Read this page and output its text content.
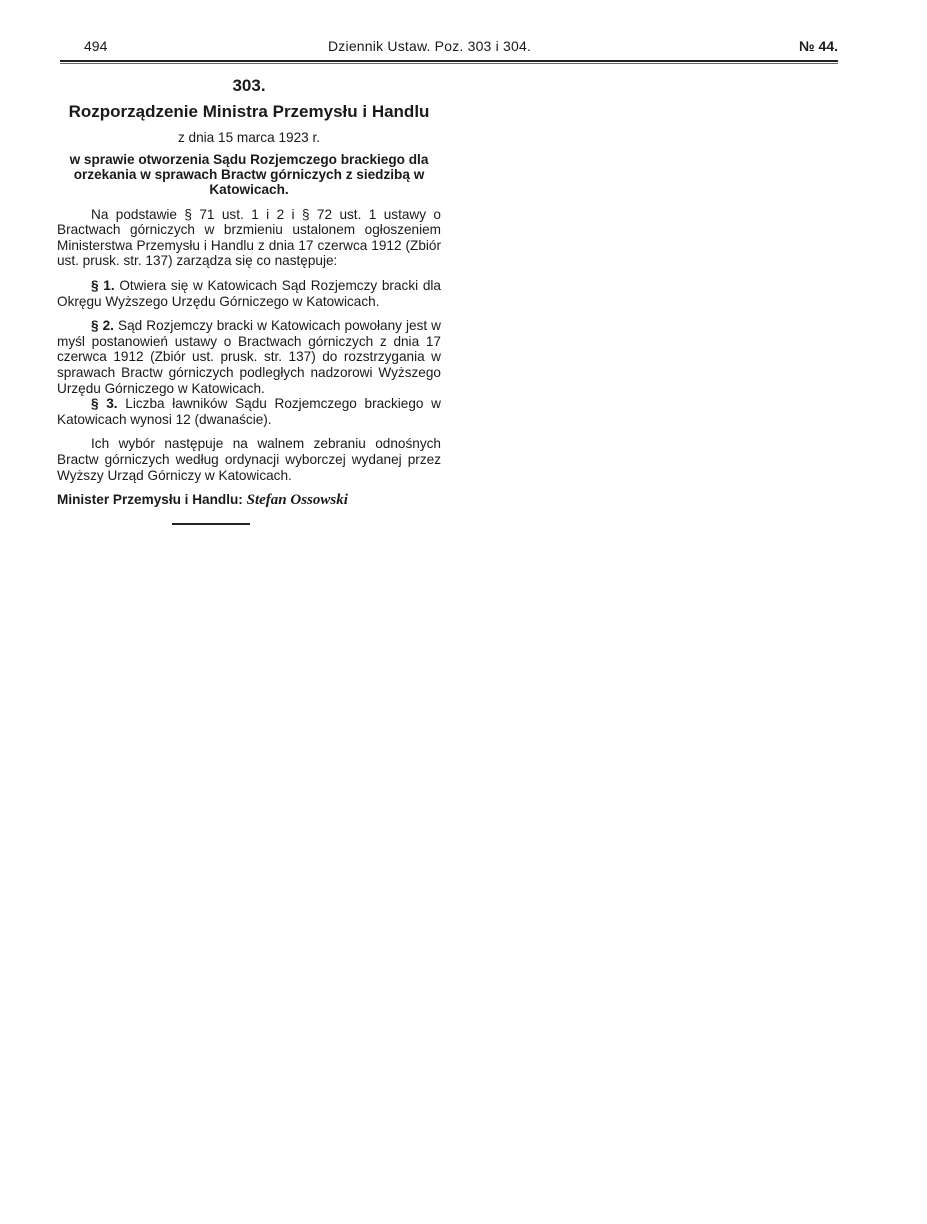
494	Dziennik Ustaw. Poz. 303 i 304.	№ 44.
303.
Rozporządzenie Ministra Przemysłu i Handlu
z dnia 15 marca 1923 r.
w sprawie otworzenia Sądu Rozjemczego brackiego dla orzekania w sprawach Bractw górniczych z siedzibą w Katowicach.

Na podstawie § 71 ust. 1 i 2 i § 72 ust. 1 ustawy o Bractwach górniczych w brzmieniu ustalonem ogłoszeniem Ministerstwa Przemysłu i Handlu z dnia 17 czerwca 1912 (Zbiór ust. prusk. str. 137) zarządza się co następuje:

§ 1. Otwiera się w Katowicach Sąd Rozjemczy bracki dla Okręgu Wyższego Urzędu Górniczego w Katowicach.

§ 2. Sąd Rozjemczy bracki w Katowicach powołany jest w myśl postanowień ustawy o Bractwach górniczych z dnia 17 czerwca 1912 (Zbiór ust. prusk. str. 137) do rozstrzygania w sprawach Bractw górniczych podległych nadzorowi Wyższego Urzędu Górniczego w Katowicach.

§ 3. Liczba ławników Sądu Rozjemczego brackiego w Katowicach wynosi 12 (dwanaście).

Ich wybór następuje na walnem zebraniu odnośnych Bractw górniczych według ordynacji wyborczej wydanej przez Wyższy Urząd Górniczy w Katowicach.

Minister Przemysłu i Handlu: Stefan Ossowski
